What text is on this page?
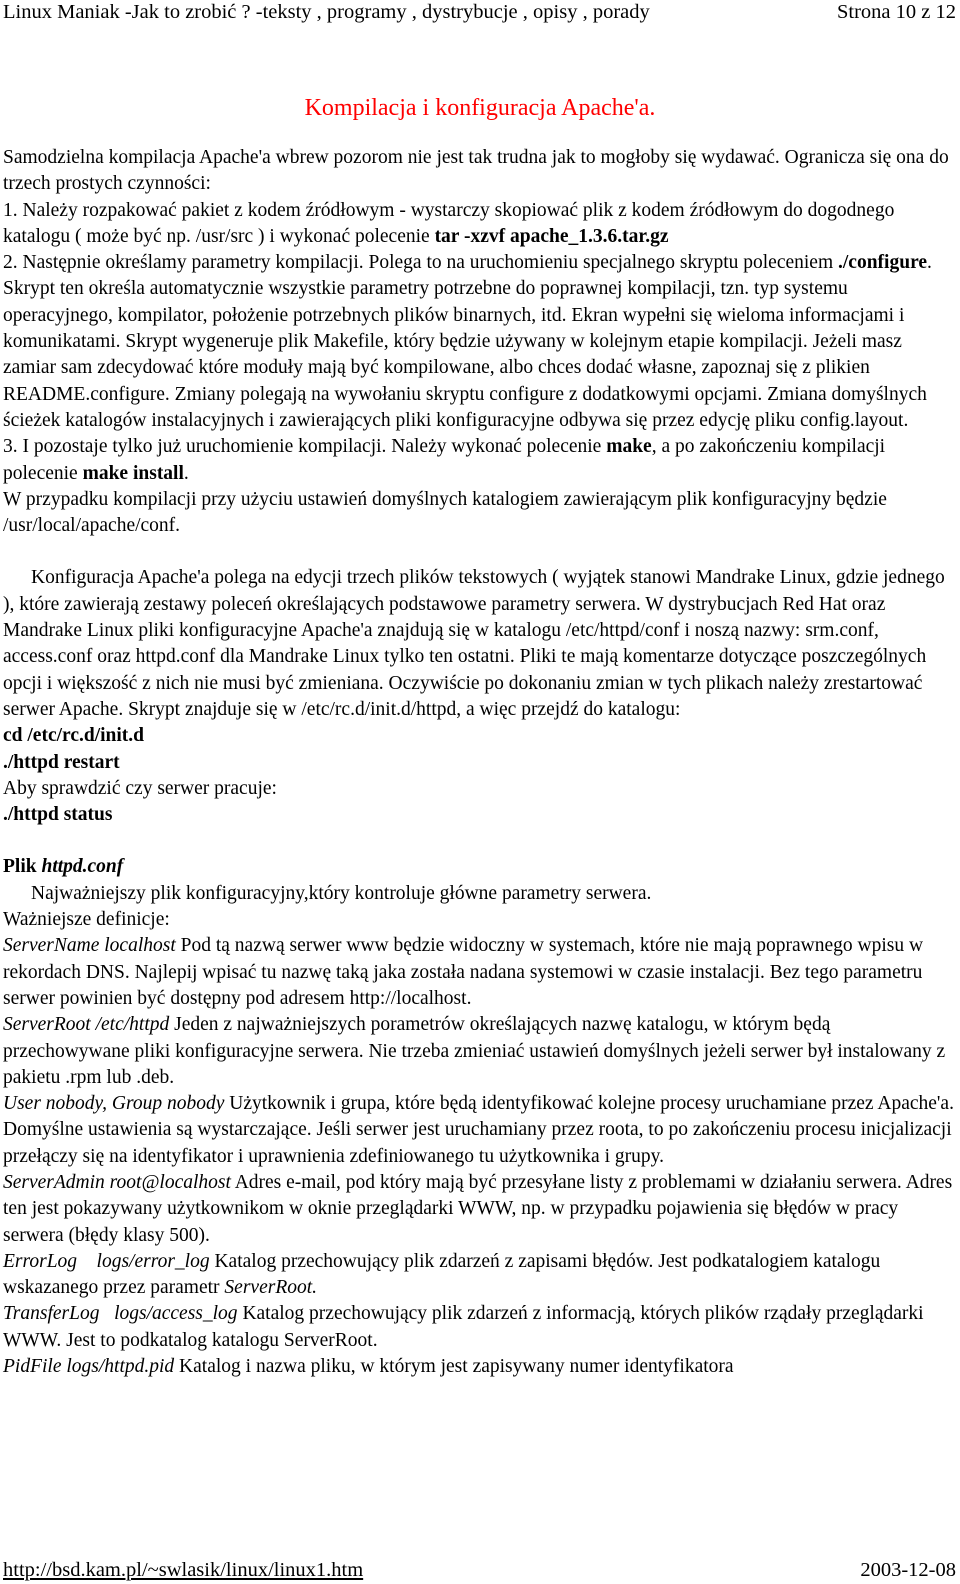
Linux Maniak -Jak to zrobić ? -teksty , programy , dystrybucje , opisy , porady	Strona 10 z 12
Kompilacja i konfiguracja Apache'a.

Samodzielna kompilacja Apache'a wbrew pozorom nie jest tak trudna jak to mogłoby się wydawać. Ogranicza się ona do trzech prostych czynności:

1. Należy rozpakować pakiet z kodem źródłowym - wystarczy skopiować plik z kodem źródłowym do dogodnego katalogu ( może być np. /usr/src ) i wykonać polecenie tar -xzvf apache_1.3.6.tar.gz

2. Następnie określamy parametry kompilacji. Polega to na uruchomieniu specjalnego skryptu poleceniem ./configure. Skrypt ten określa automatycznie wszystkie parametry potrzebne do poprawnej kompilacji, tzn. typ systemu operacyjnego, kompilator, położenie potrzebnych plików binarnych, itd. Ekran wypełni się wieloma informacjami i komunikatami. Skrypt wygeneruje plik Makefile, który będzie używany w kolejnym etapie kompilacji. Jeżeli masz zamiar sam zdecydować które moduły mają być kompilowane, albo chces dodać własne, zapoznaj się z plikien README.configure. Zmiany polegają na wywołaniu skryptu configure z dodatkowymi opcjami. Zmiana domyślnych ścieżek katalogów instalacyjnych i zawierających pliki konfiguracyjne odbywa się przez edycję pliku config.layout.

3. I pozostaje tylko już uruchomienie kompilacji. Należy wykonać polecenie make, a po zakończeniu kompilacji polecenie make install.

W przypadku kompilacji przy użyciu ustawień domyślnych katalogiem zawierającym plik konfiguracyjny będzie /usr/local/apache/conf.

Konfiguracja Apache'a polega na edycji trzech plików tekstowych ( wyjątek stanowi Mandrake Linux, gdzie jednego ), które zawierają zestawy poleceń określających podstawowe parametry serwera. W dystrybucjach Red Hat oraz Mandrake Linux pliki konfiguracyjne Apache'a znajdują się w katalogu /etc/httpd/conf i noszą nazwy: srm.conf, access.conf oraz httpd.conf dla Mandrake Linux tylko ten ostatni. Pliki te mają komentarze dotyczące poszczególnych opcji i większość z nich nie musi być zmieniana. Oczywiście po dokonaniu zmian w tych plikach należy zrestartować serwer Apache. Skrypt znajduje się w /etc/rc.d/init.d/httpd, a więc przejdź do katalogu:

cd /etc/rc.d/init.d

./httpd restart

Aby sprawdzić czy serwer pracuje:

./httpd status

Plik httpd.conf

Najważniejszy plik konfiguracyjny,który kontroluje główne parametry serwera.

Ważniejsze definicje:

ServerName localhost Pod tą nazwą serwer www będzie widoczny w systemach, które nie mają poprawnego wpisu w rekordach DNS. Najlepij wpisać tu nazwę taką jaka została nadana systemowi w czasie instalacji. Bez tego parametru serwer powinien być dostępny pod adresem http://localhost.

ServerRoot /etc/httpd Jeden z najważniejszych porametrów określających nazwę katalogu, w którym będą przechowywane pliki konfiguracyjne serwera. Nie trzeba zmieniać ustawień domyślnych jeżeli serwer był instalowany z pakietu .rpm lub .deb.

User nobody, Group nobody Użytkownik i grupa, które będą identyfikować kolejne procesy uruchamiane przez Apache'a. Domyślne ustawienia są wystarczające. Jeśli serwer jest uruchamiany przez roota, to po zakończeniu procesu inicjalizacji przełączy się na identyfikator i uprawnienia zdefiniowanego tu użytkownika i grupy.

ServerAdmin root@localhost Adres e-mail, pod który mają być przesyłane listy z problemami w działaniu serwera. Adres ten jest pokazywany użytkownikom w oknie przeglądarki WWW, np. w przypadku pojawienia się błędów w pracy serwera (błędy klasy 500).

ErrorLog    logs/error_log Katalog przechowujący plik zdarzeń z zapisami błędów. Jest podkatalogiem katalogu wskazanego przez parametr ServerRoot.

TransferLog   logs/access_log Katalog przechowujący plik zdarzeń z informacją, których plików rządały przeglądarki WWW. Jest to podkatalog katalogu ServerRoot.

PidFile logs/httpd.pid Katalog i nazwa pliku, w którym jest zapisywany numer identyfikatora

http://bsd.kam.pl/~swlasik/linux/linux1.htm	2003-12-08
